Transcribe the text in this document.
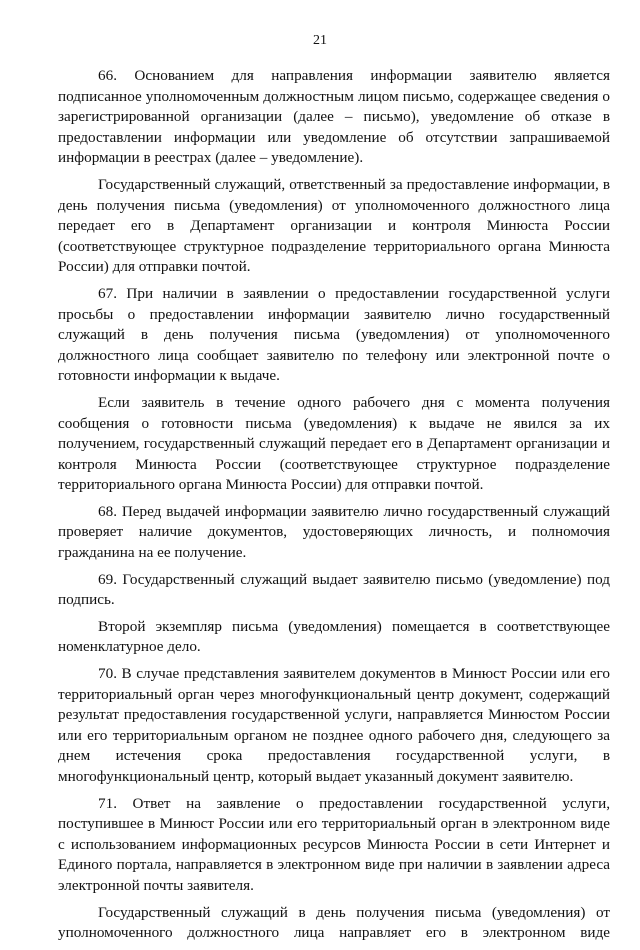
21

66. Основанием для направления информации заявителю является подписанное уполномоченным должностным лицом письмо, содержащее сведения о зарегистрированной организации (далее – письмо), уведомление об отказе в предоставлении информации или уведомление об отсутствии запрашиваемой информации в реестрах (далее – уведомление).

Государственный служащий, ответственный за предоставление информации, в день получения письма (уведомления) от уполномоченного должностного лица передает его в Департамент организации и контроля Минюста России (соответствующее структурное подразделение территориального органа Минюста России) для отправки почтой.

67. При наличии в заявлении о предоставлении государственной услуги просьбы о предоставлении информации заявителю лично государственный служащий в день получения письма (уведомления) от уполномоченного должностного лица сообщает заявителю по телефону или электронной почте о готовности информации к выдаче.

Если заявитель в течение одного рабочего дня с момента получения сообщения о готовности письма (уведомления) к выдаче не явился за их получением, государственный служащий передает его в Департамент организации и контроля Минюста России (соответствующее структурное подразделение территориального органа Минюста России) для отправки почтой.

68. Перед выдачей информации заявителю лично государственный служащий проверяет наличие документов, удостоверяющих личность, и полномочия гражданина на ее получение.

69. Государственный служащий выдает заявителю письмо (уведомление) под подпись.

Второй экземпляр письма (уведомления) помещается в соответствующее номенклатурное дело.

70. В случае представления заявителем документов в Минюст России или его территориальный орган через многофункциональный центр документ, содержащий результат предоставления государственной услуги, направляется Минюстом России или его территориальным органом не позднее одного рабочего дня, следующего за днем истечения срока предоставления государственной услуги, в многофункциональный центр, который выдает указанный документ заявителю.

71. Ответ на заявление о предоставлении государственной услуги, поступившее в Минюст России или его территориальный орган в электронном виде с использованием информационных ресурсов Минюста России в сети Интернет и Единого портала, направляется в электронном виде при наличии в заявлении адреса электронной почты заявителя.

Государственный служащий в день получения письма (уведомления) от уполномоченного должностного лица направляет его в электронном виде
